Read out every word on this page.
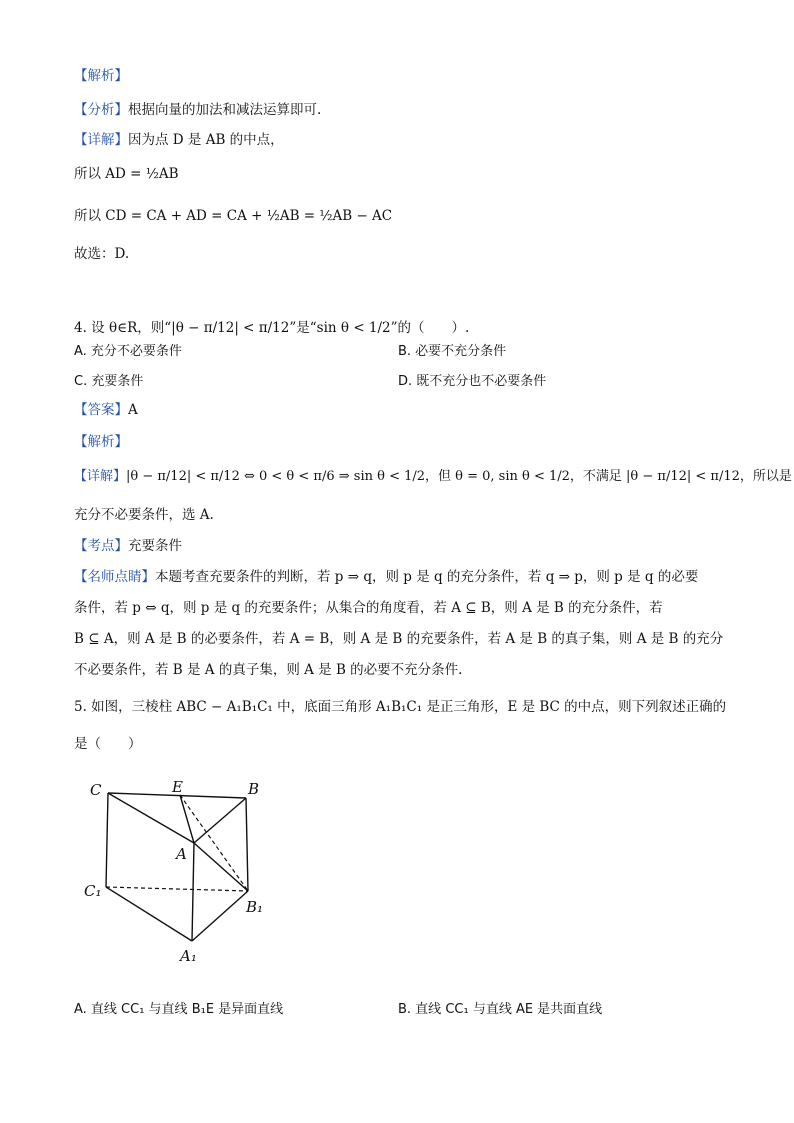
【解析】
【分析】根据向量的加法和减法运算即可.
【详解】因为点 D 是 AB 的中点，
所以 AD = ½AB
所以 CD = CA + AD = CA + ½AB = ½AB − AC
故选：D.
4. 设 θ∈R，则“|θ − π/12| < π/12”是“sin θ < 1/2”的（　　）.
A. 充分不必要条件	B. 必要不充分条件
C. 充要条件	D. 既不充分也不必要条件
【答案】A
【解析】
【详解】|θ − π/12| < π/12 ⇔ 0 < θ < π/6 ⇒ sin θ < 1/2，但 θ = 0, sin θ < 1/2，不满足 |θ − π/12| < π/12，所以是
充分不必要条件，选 A.
【考点】充要条件
【名师点睛】本题考查充要条件的判断，若 p ⇒ q，则 p 是 q 的充分条件，若 q ⇒ p，则 p 是 q 的必要
条件，若 p ⇔ q，则 p 是 q 的充要条件；从集合的角度看，若 A ⊆ B，则 A 是 B 的充分条件，若
B ⊆ A，则 A 是 B 的必要条件，若 A = B，则 A 是 B 的充要条件，若 A 是 B 的真子集，则 A 是 B 的充分
不必要条件，若 B 是 A 的真子集，则 A 是 B 的必要不充分条件.
5. 如图，三棱柱 ABC − A₁B₁C₁ 中，底面三角形 A₁B₁C₁ 是正三角形，E 是 BC 的中点，则下列叙述正确的
是（　　）
C	E	B
A
C₁
B₁
A₁
A. 直线 CC₁ 与直线 B₁E 是异面直线	B. 直线 CC₁ 与直线 AE 是共面直线
